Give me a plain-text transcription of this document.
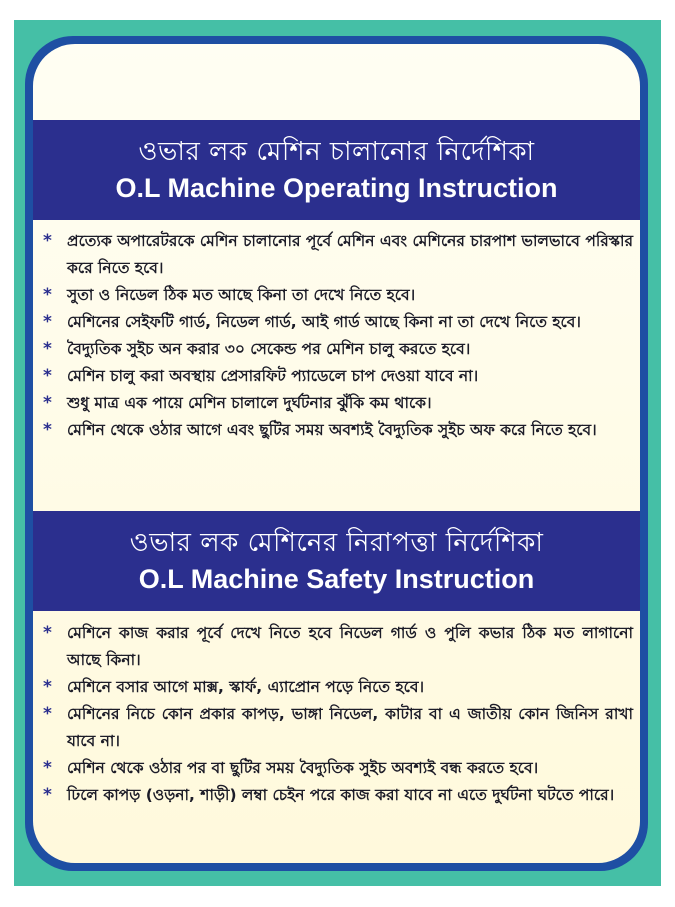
ওভার লক মেশিন চালানোর নির্দেশিকা
O.L Machine Operating Instruction
* প্রত্যেক অপারেটরকে মেশিন চালানোর পূর্বে মেশিন এবং মেশিনের চারপাশ ভালভাবে পরিস্কার করে নিতে হবে।
* সুতা ও নিডেল ঠিক মত আছে কিনা তা দেখে নিতে হবে।
* মেশিনের সেইফটি গার্ড, নিডেল গার্ড, আই গার্ড আছে কিনা না তা দেখে নিতে হবে।
* বৈদ্যুতিক সুইচ অন করার ৩০ সেকেন্ড পর মেশিন চালু করতে হবে।
* মেশিন চালু করা অবস্থায় প্রেসারফিট প্যাডেলে চাপ দেওয়া যাবে না।
* শুধু মাত্র এক পায়ে মেশিন চালালে দুর্ঘটনার ঝুঁকি কম থাকে।
* মেশিন থেকে ওঠার আগে এবং ছুটির সময় অবশ্যই বৈদ্যুতিক সুইচ অফ করে নিতে হবে।
ওভার লক মেশিনের নিরাপত্তা নির্দেশিকা
O.L Machine Safety Instruction
* মেশিনে কাজ করার পূর্বে দেখে নিতে হবে নিডেল গার্ড ও পুলি কভার ঠিক মত লাগানো আছে কিনা।
* মেশিনে বসার আগে মাক্স, স্কার্ফ, এ্যাপ্রোন পড়ে নিতে হবে।
* মেশিনের নিচে কোন প্রকার কাপড়, ভাঙ্গা নিডেল, কাটার বা এ জাতীয় কোন জিনিস রাখা যাবে না।
* মেশিন থেকে ওঠার পর বা ছুটির সময় বৈদ্যুতিক সুইচ অবশ্যই বন্ধ করতে হবে।
* ঢিলে কাপড় (ওড়না, শাড়ী) লম্বা চেইন পরে কাজ করা যাবে না এতে দুর্ঘটনা ঘটতে পারে।
